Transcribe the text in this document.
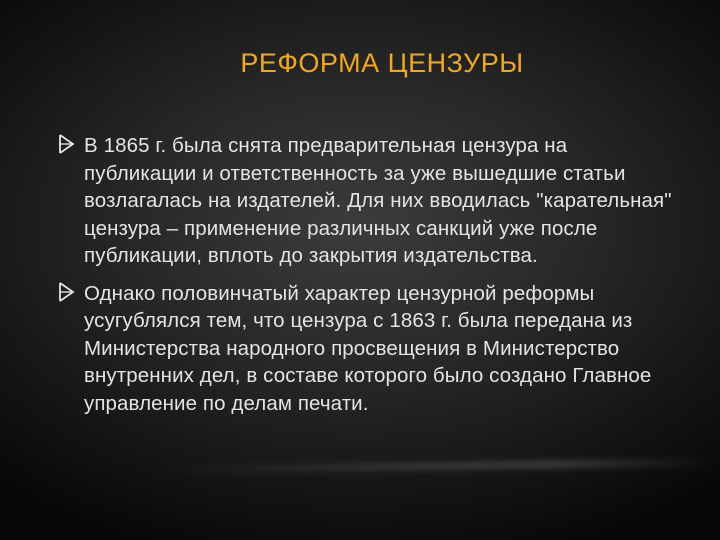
РЕФОРМА ЦЕНЗУРЫ
В 1865 г. была снята предварительная цензура на публикации и ответственность за уже вышедшие статьи возлагалась на издателей. Для них вводилась "карательная" цензура – применение различных санкций уже после публикации, вплоть до закрытия издательства.
Однако половинчатый характер цензурной реформы усугублялся тем, что цензура с 1863 г. была передана из Министерства народного просвещения в Министерство внутренних дел, в составе которого было создано Главное управление по делам печати.
